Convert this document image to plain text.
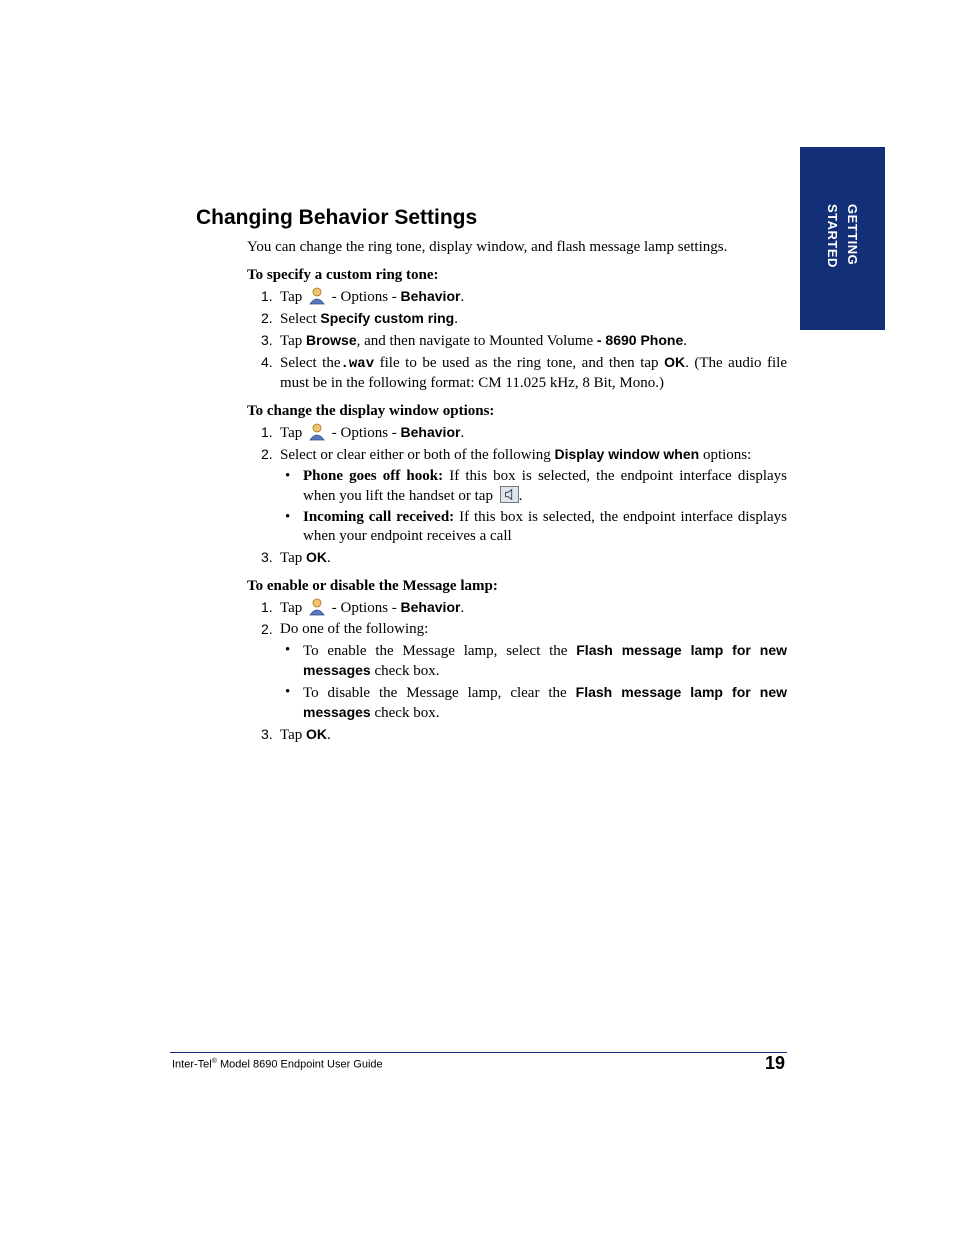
GETTING
STARTED
Changing Behavior Settings

You can change the ring tone, display window, and flash message lamp settings.

To specify a custom ring tone:

1. Tap - Options - Behavior.
2. Select Specify custom ring.
3. Tap Browse, and then navigate to Mounted Volume - 8690 Phone.
4. Select the.wav file to be used as the ring tone, and then tap OK. (The audio file must be in the following format: CM 11.025 kHz, 8 Bit, Mono.)

To change the display window options:

1. Tap - Options - Behavior.
2. Select or clear either or both of the following Display window when options:
• Phone goes off hook: If this box is selected, the endpoint interface displays when you lift the handset or tap .
• Incoming call received: If this box is selected, the endpoint interface displays when your endpoint receives a call
3. Tap OK.

To enable or disable the Message lamp:

1. Tap - Options - Behavior.
2. Do one of the following:
• To enable the Message lamp, select the Flash message lamp for new messages check box.
• To disable the Message lamp, clear the Flash message lamp for new messages check box.
3. Tap OK.
Inter-Tel® Model 8690 Endpoint User Guide	19
